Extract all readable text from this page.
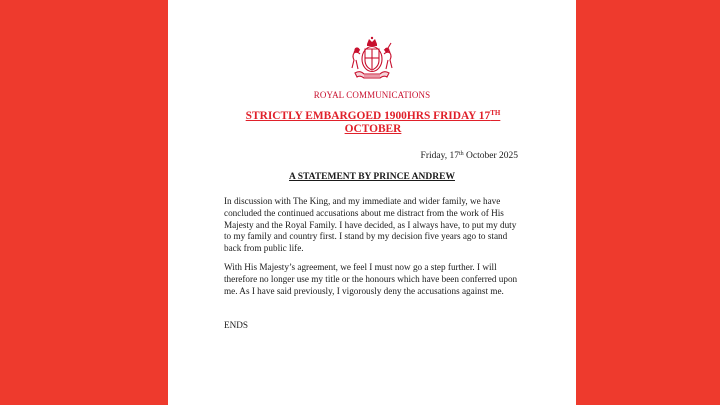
ROYAL COMMUNICATIONS
STRICTLY EMBARGOED 1900HRS FRIDAY 17TH
OCTOBER
Friday, 17th October 2025
A STATEMENT BY PRINCE ANDREW

In discussion with The King, and my immediate and wider family, we have concluded the continued accusations about me distract from the work of His Majesty and the Royal Family. I have decided, as I always have, to put my duty to my family and country first. I stand by my decision five years ago to stand back from public life.

With His Majesty’s agreement, we feel I must now go a step further. I will therefore no longer use my title or the honours which have been conferred upon me. As I have said previously, I vigorously deny the accusations against me.

ENDS
